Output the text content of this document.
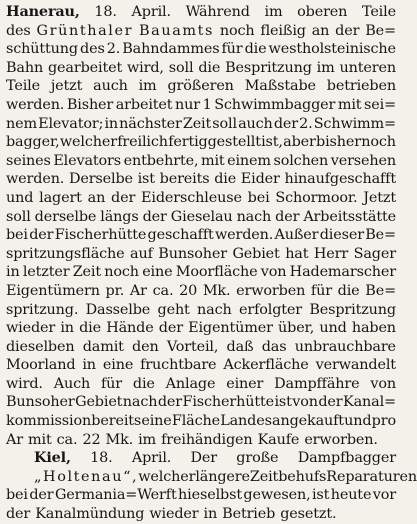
Hanerau, 18. April. Während im oberen Teile
des Grünthaler Bauamts noch fleißig an der Be=
schüttung des 2. Bahndammes für die westholsteinische
Bahn gearbeitet wird, soll die Bespritzung im unteren
Teile jetzt auch im größeren Maßstabe betrieben
werden. Bisher arbeitet nur 1 Schwimmbagger mit sei=
nem Elevator; in nächster Zeit soll auch der 2. Schwimm=
bagger, welcher freilich fertiggestellt ist, aber bisher noch
seines Elevators entbehrte, mit einem solchen versehen
werden. Derselbe ist bereits die Eider hinaufgeschafft
und lagert an der Eiderschleuse bei Schormoor. Jetzt
soll derselbe längs der Gieselau nach der Arbeitsstätte
bei der Fischerhütte geschafft werden. Außer dieser Be=
spritzungsfläche auf Bunsoher Gebiet hat Herr Sager
in letzter Zeit noch eine Moorfläche von Hademarscher
Eigentümern pr. Ar ca. 20 Mk. erworben für die Be=
spritzung. Dasselbe geht nach erfolgter Bespritzung
wieder in die Hände der Eigentümer über, und haben
dieselben damit den Vorteil, daß das unbrauchbare
Moorland in eine fruchtbare Ackerfläche verwandelt
wird. Auch für die Anlage einer Dampffähre von
Bunsoher Gebiet nach der Fischerhütte ist von der Kanal=
kommission bereits eine Fläche Landes angekauft und pro
Ar mit ca. 22 Mk. im freihändigen Kaufe erworben.
Kiel, 18. April. Der große Dampfbagger
„Holtenau“, welcher längere Zeit behufs Reparaturen
bei der Germania=Werft hieselbst gewesen, ist heute vor
der Kanalmündung wieder in Betrieb gesetzt.
